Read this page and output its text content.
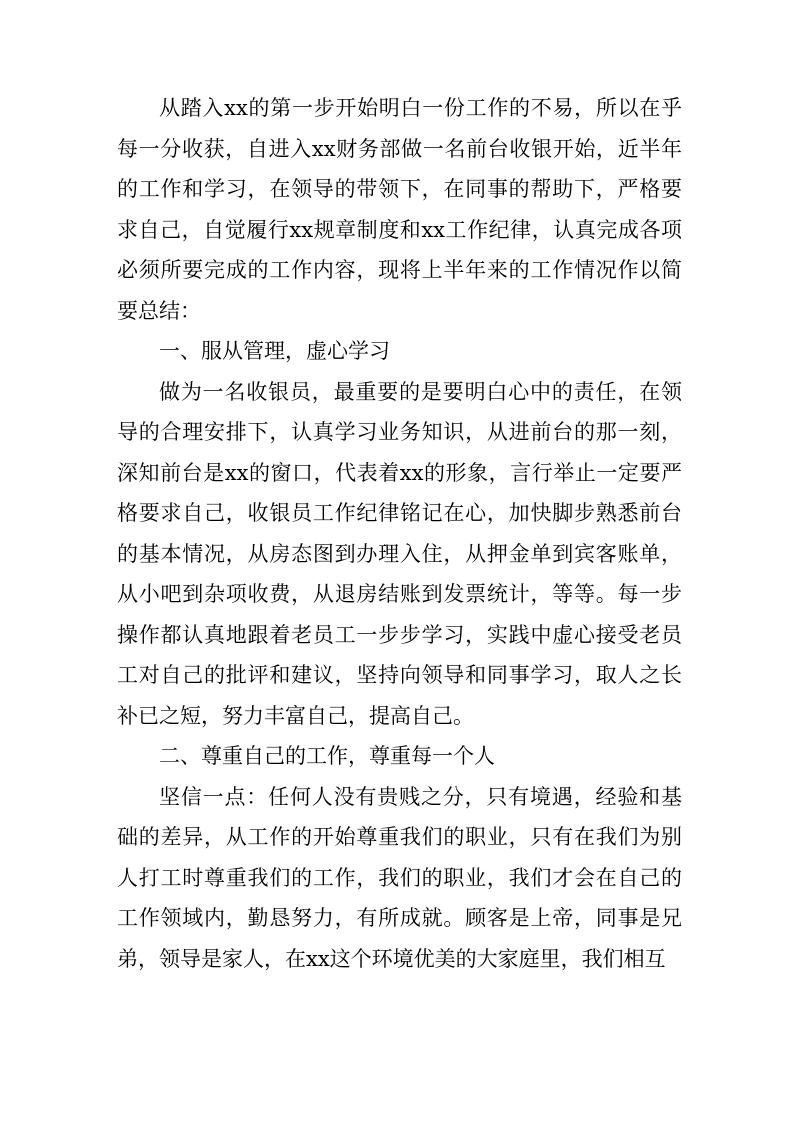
从踏入xx的第一步开始明白一份工作的不易，所以在乎每一分收获，自进入xx财务部做一名前台收银开始，近半年的工作和学习，在领导的带领下，在同事的帮助下，严格要求自己，自觉履行xx规章制度和xx工作纪律，认真完成各项必须所要完成的工作内容，现将上半年来的工作情况作以简要总结：

一、服从管理，虚心学习

做为一名收银员，最重要的是要明白心中的责任，在领导的合理安排下，认真学习业务知识，从进前台的那一刻，深知前台是xx的窗口，代表着xx的形象，言行举止一定要严格要求自己，收银员工作纪律铭记在心，加快脚步熟悉前台的基本情况，从房态图到办理入住，从押金单到宾客账单，从小吧到杂项收费，从退房结账到发票统计，等等。每一步操作都认真地跟着老员工一步步学习，实践中虚心接受老员工对自己的批评和建议，坚持向领导和同事学习，取人之长补已之短，努力丰富自己，提高自己。

二、尊重自己的工作，尊重每一个人

坚信一点：任何人没有贵贱之分，只有境遇，经验和基础的差异，从工作的开始尊重我们的职业，只有在我们为别人打工时尊重我们的工作，我们的职业，我们才会在自己的工作领域内，勤恳努力，有所成就。顾客是上帝，同事是兄弟，领导是家人，在xx这个环境优美的大家庭里，我们相互
